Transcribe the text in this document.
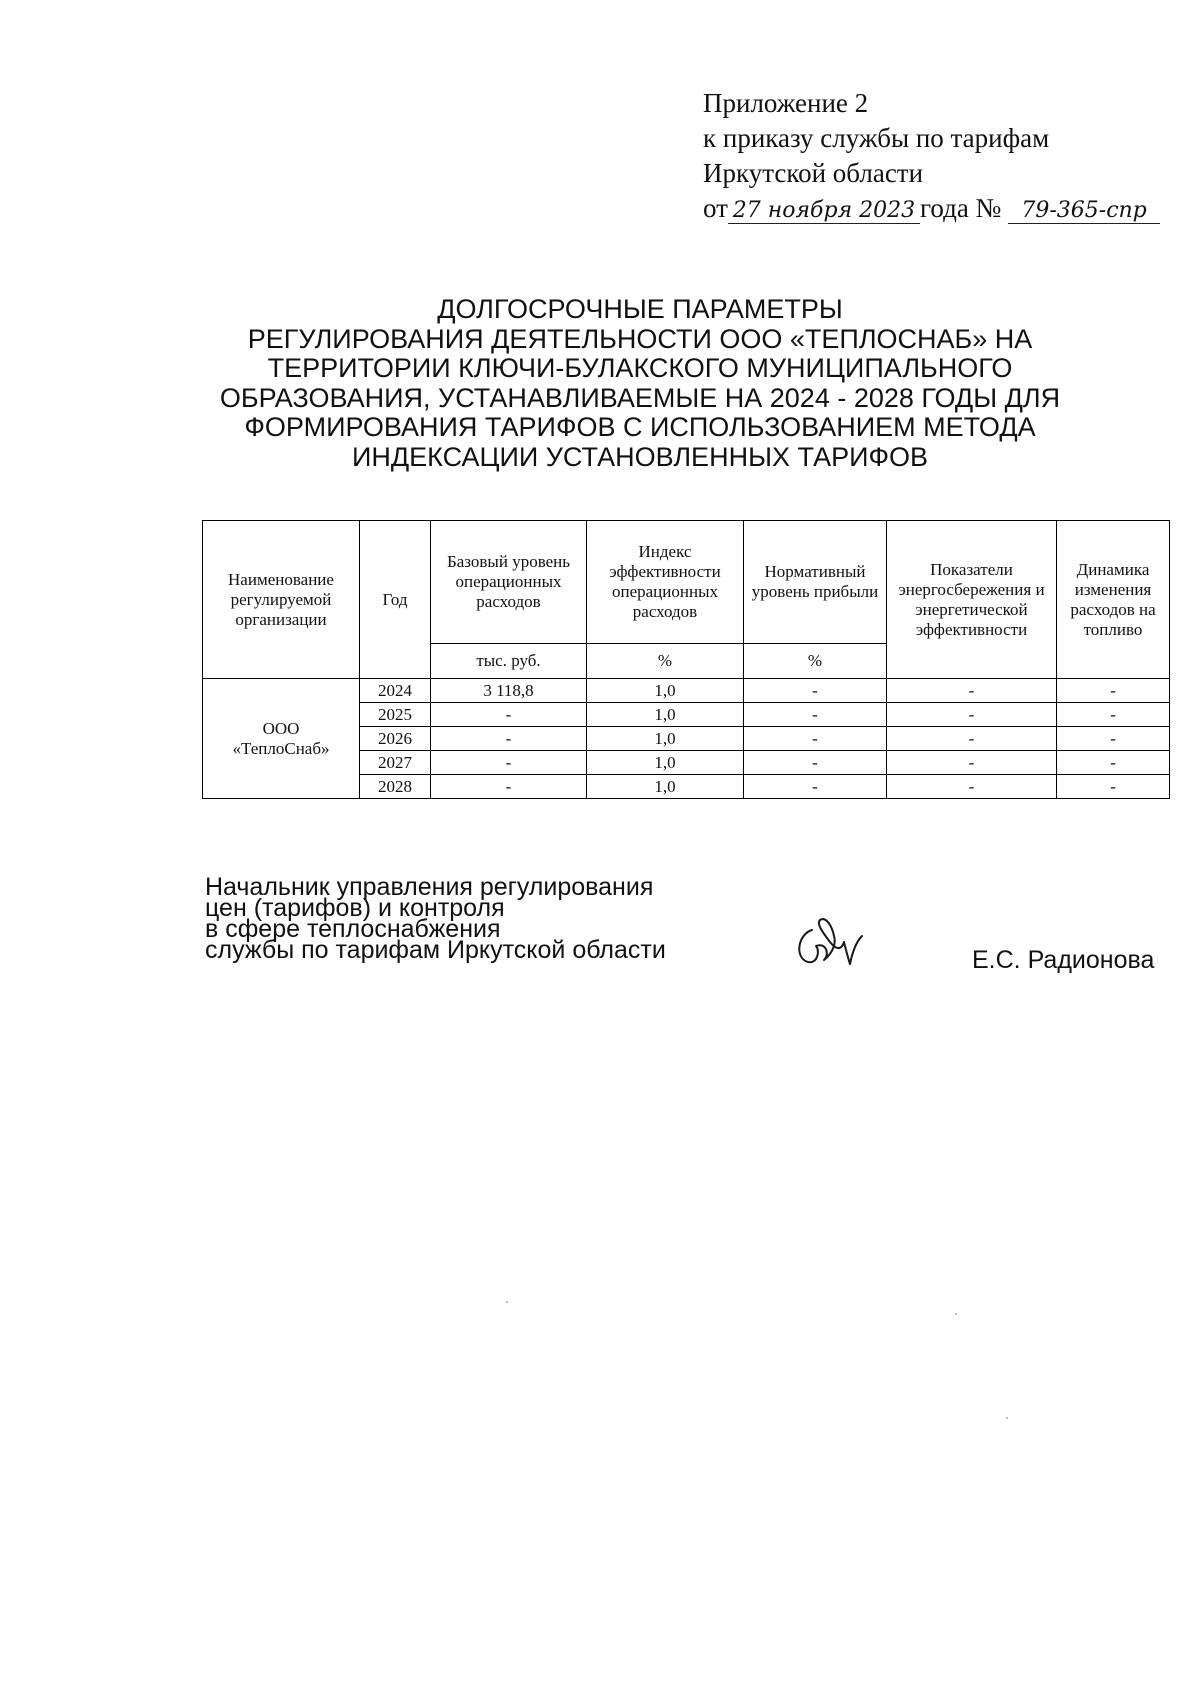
Приложение 2
к приказу службы по тарифам
Иркутской области
от 27 ноября 2023 года № 79-365-спр
ДОЛГОСРОЧНЫЕ ПАРАМЕТРЫ
РЕГУЛИРОВАНИЯ ДЕЯТЕЛЬНОСТИ ООО «ТЕПЛОСНАБ» НА
ТЕРРИТОРИИ КЛЮЧИ-БУЛАКСКОГО МУНИЦИПАЛЬНОГО
ОБРАЗОВАНИЯ, УСТАНАВЛИВАЕМЫЕ НА 2024 - 2028 ГОДЫ ДЛЯ
ФОРМИРОВАНИЯ ТАРИФОВ С ИСПОЛЬЗОВАНИЕМ МЕТОДА
ИНДЕКСАЦИИ УСТАНОВЛЕННЫХ ТАРИФОВ
Наименование регулируемой организации	Год	Базовый уровень операционных расходов	Индекс эффективности операционных расходов	Нормативный уровень прибыли	Показатели энергосбережения и энергетической эффективности	Динамика изменения расходов на топливо
		тыс. руб.	%	%		

ООО
«ТеплоСнаб»	2024	3 118,8	1,0	-	-	-
	2025	-	1,0	-	-	-
	2026	-	1,0	-	-	-
	2027	-	1,0	-	-	-
	2028	-	1,0	-	-	-
Начальник управления регулирования
цен (тарифов) и контроля
в сфере теплоснабжения
службы по тарифам Иркутской области	Е.С. Радионова
